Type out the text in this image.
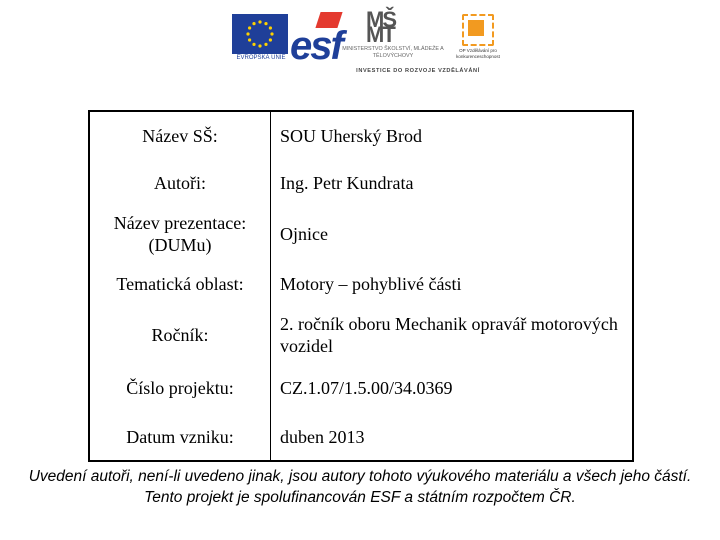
EVROPSKÁ UNIE esf
MŠ MT
MINISTERSTVO ŠKOLSTVÍ, MLÁDEŽE A TĚLOVÝCHOVY
OP Vzdělávání pro konkurenceschopnost
INVESTICE DO ROZVOJE VZDĚLÁVÁNÍ
Název SŠ:	SOU Uherský Brod
Autoři:	Ing. Petr Kundrata
Název prezentace: (DUMu)	Ojnice
Tematická oblast:	Motory – pohyblivé části
Ročník:	2. ročník oboru Mechanik opravář motorových vozidel
Číslo projektu:	CZ.1.07/1.5.00/34.0369
Datum vzniku:	duben 2013
Uvedení autoři, není-li uvedeno jinak, jsou autory tohoto výukového materiálu a všech jeho částí. Tento projekt je spolufinancován ESF a státním rozpočtem ČR.
